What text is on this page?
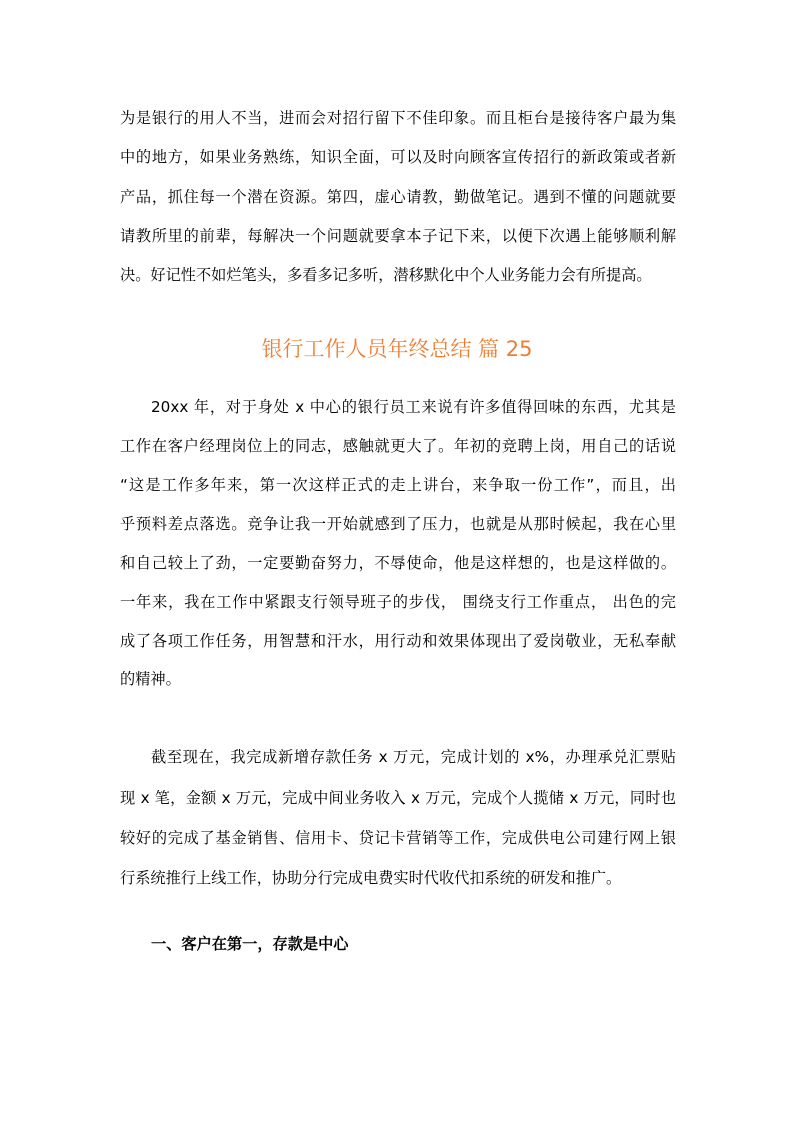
为是银行的用人不当，进而会对招行留下不佳印象。而且柜台是接待客户最为集
中的地方，如果业务熟练，知识全面，可以及时向顾客宣传招行的新政策或者新
产品，抓住每一个潜在资源。第四，虚心请教，勤做笔记。遇到不懂的问题就要
请教所里的前辈，每解决一个问题就要拿本子记下来，以便下次遇上能够顺利解
决。好记性不如烂笔头，多看多记多听，潜移默化中个人业务能力会有所提高。
银行工作人员年终总结 篇 25
20xx 年，对于身处 x 中心的银行员工来说有许多值得回味的东西，尤其是
工作在客户经理岗位上的同志，感触就更大了。年初的竞聘上岗，用自己的话说
“这是工作多年来，第一次这样正式的走上讲台，来争取一份工作”，而且，出
乎预料差点落选。竞争让我一开始就感到了压力，也就是从那时候起，我在心里
和自己较上了劲，一定要勤奋努力，不辱使命，他是这样想的，也是这样做的。
一年来，我在工作中紧跟支行领导班子的步伐， 围绕支行工作重点， 出色的完
成了各项工作任务，用智慧和汗水，用行动和效果体现出了爱岗敬业，无私奉献
的精神。
截至现在，我完成新增存款任务 x 万元，完成计划的 x%，办理承兑汇票贴
现 x 笔，金额 x 万元，完成中间业务收入 x 万元，完成个人揽储 x 万元，同时也
较好的完成了基金销售、信用卡、贷记卡营销等工作，完成供电公司建行网上银
行系统推行上线工作，协助分行完成电费实时代收代扣系统的研发和推广。
一、客户在第一，存款是中心
